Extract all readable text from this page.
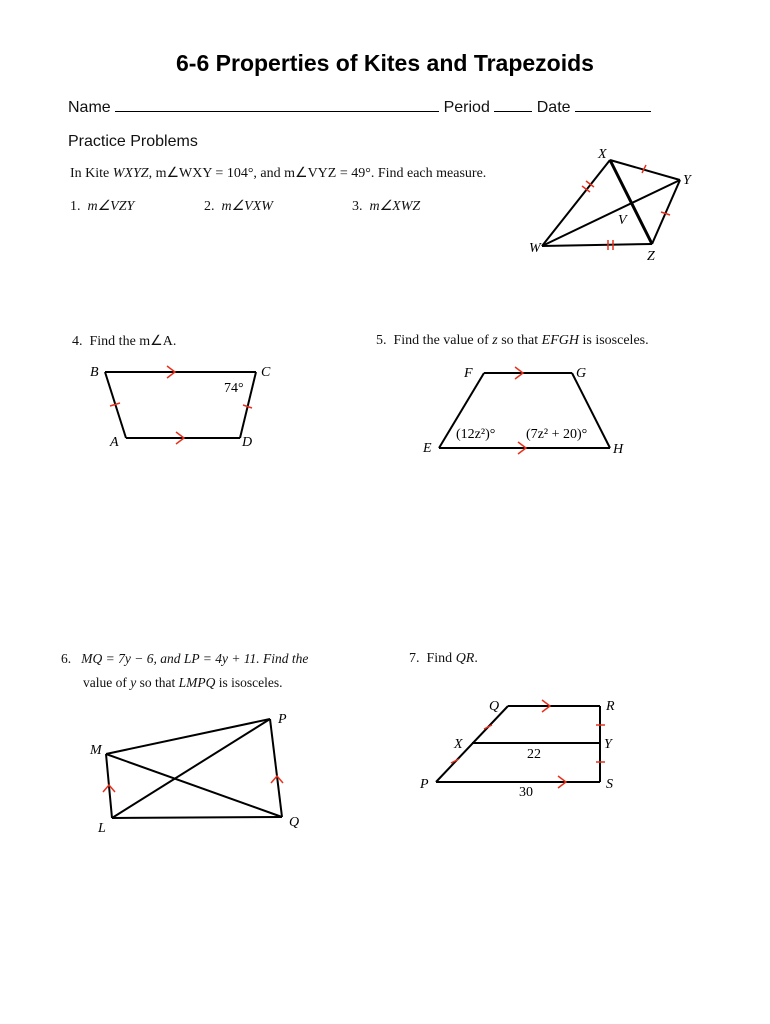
6-6 Properties of Kites and Trapezoids
Name	Period	Date
Practice Problems
In Kite WXYZ, m∠WXY = 104°, and m∠VYZ = 49°. Find each measure.
1. m∠VZY	2. m∠VXW	3. m∠XWZ
X
Y
V
W
Z
4. Find the m∠A.
B	C
A	D
74°
5. Find the value of z so that EFGH is isosceles.
F	G
E	H
(12z²)° (7z² + 20)°
6. MQ = 7y − 6, and LP = 4y + 11. Find the
value of y so that LMPQ is isosceles.
M
P
L	Q
7. Find QR.
Q	R
X	Y
P	S
22
30
